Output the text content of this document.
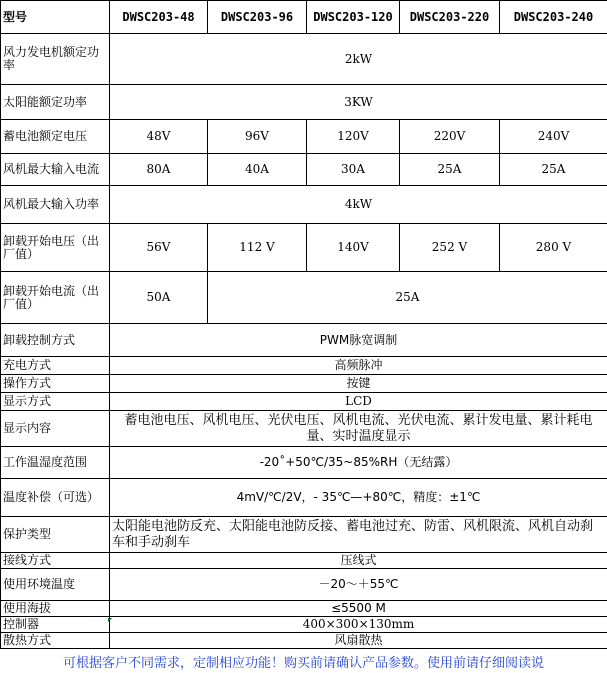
型号	DWSC203-48	DWSC203-96	DWSC203-120	DWSC203-220	DWSC203-240
风力发电机额定功率	2kW				
太阳能额定功率	3KW				
蓄电池额定电压	48V	96V	120V	220V	240V
风机最大输入电流	80A	40A	30A	25A	25A
风机最大输入功率	4kW				
卸载开始电压（出厂值）	56V	112 V	140V	252 V	280 V
卸载开始电流（出厂值）	50A	25A			
卸载控制方式	PWM脉宽调制				
充电方式	高频脉冲				
操作方式	按键				
显示方式	LCD				
显示内容	蓄电池电压、风机电压、光伏电压、风机电流、光伏电流、累计发电量、累计耗电量、实时温度显示				
工作温湿度范围	-20˚+50℃/35~85%RH（无结露）				
温度补偿（可选）	4mV/℃/2V，- 35℃—+80℃，精度：±1℃				
保护类型	太阳能电池防反充、太阳能电池防反接、蓄电池过充、防雷、风机限流、风机自动刹车和手动刹车				
接线方式	压线式				
使用环境温度	－20～＋55℃				
使用海拔	≤5500 M				
控制器	400×300×130mm				
散热方式	风扇散热				
可根据客户不同需求，定制相应功能！购买前请确认产品参数。使用前请仔细阅读说
